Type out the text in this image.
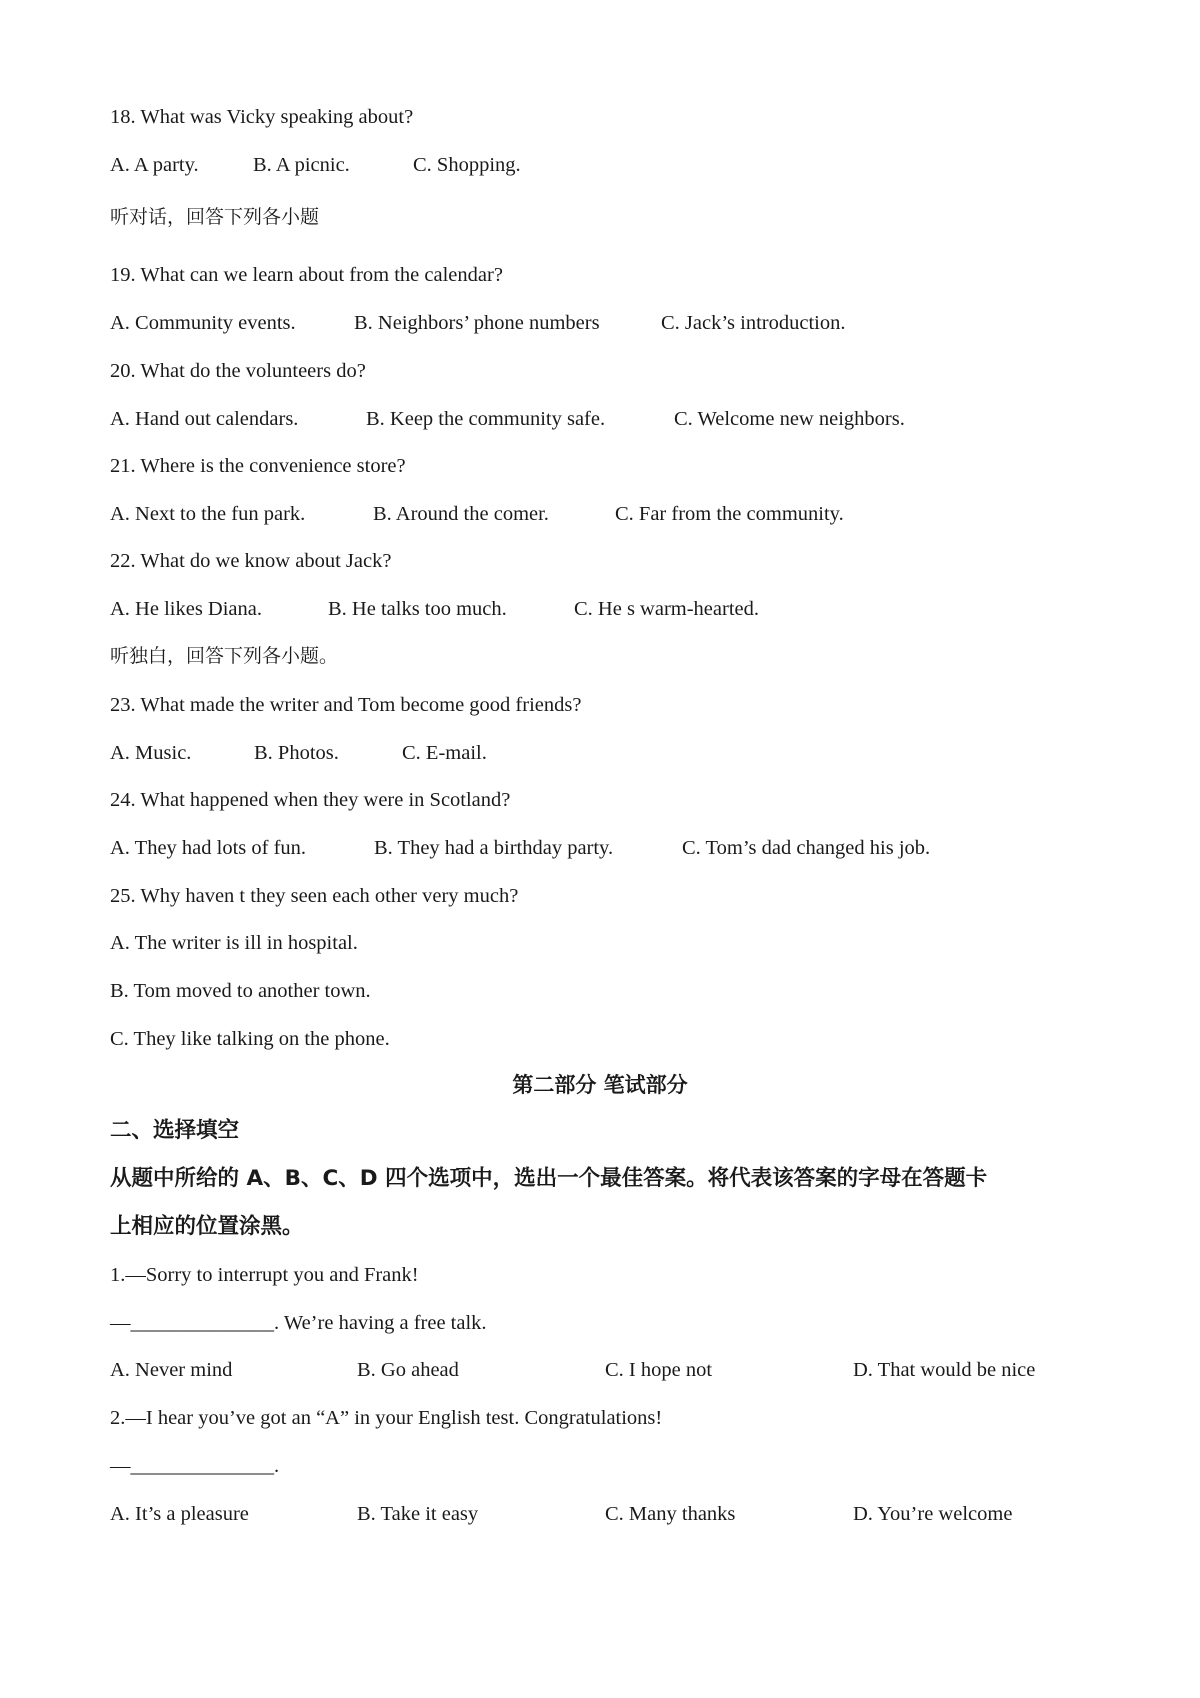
18. What was Vicky speaking about?
A. A party.	B. A picnic.	C. Shopping.
听对话，回答下列各小题
19. What can we learn about from the calendar?
A. Community events.	B. Neighbors’ phone numbers	C. Jack’s introduction.
20. What do the volunteers do?
A. Hand out calendars.	B. Keep the community safe.	C. Welcome new neighbors.
21. Where is the convenience store?
A. Next to the fun park.	B. Around the comer.	C. Far from the community.
22. What do we know about Jack?
A. He likes Diana.	B. He talks too much.	C. He s warm-hearted.
听独白，回答下列各小题。
23. What made the writer and Tom become good friends?
A. Music.	B. Photos.	C. E-mail.
24. What happened when they were in Scotland?
A. They had lots of fun.	B. They had a birthday party.	C. Tom’s dad changed his job.
25. Why haven t they seen each other very much?
A. The writer is ill in hospital.
B. Tom moved to another town.
C. They like talking on the phone.
第二部分 笔试部分
二、选择填空
从题中所给的 A、B、C、D 四个选项中，选出一个最佳答案。将代表该答案的字母在答题卡
上相应的位置涂黑。
1.—Sorry to interrupt you and Frank!
—______________. We’re having a free talk.
A. Never mind	B. Go ahead	C. I hope not	D. That would be nice
2.—I hear you’ve got an “A” in your English test. Congratulations!
—______________.
A. It’s a pleasure	B. Take it easy	C. Many thanks	D. You’re welcome
